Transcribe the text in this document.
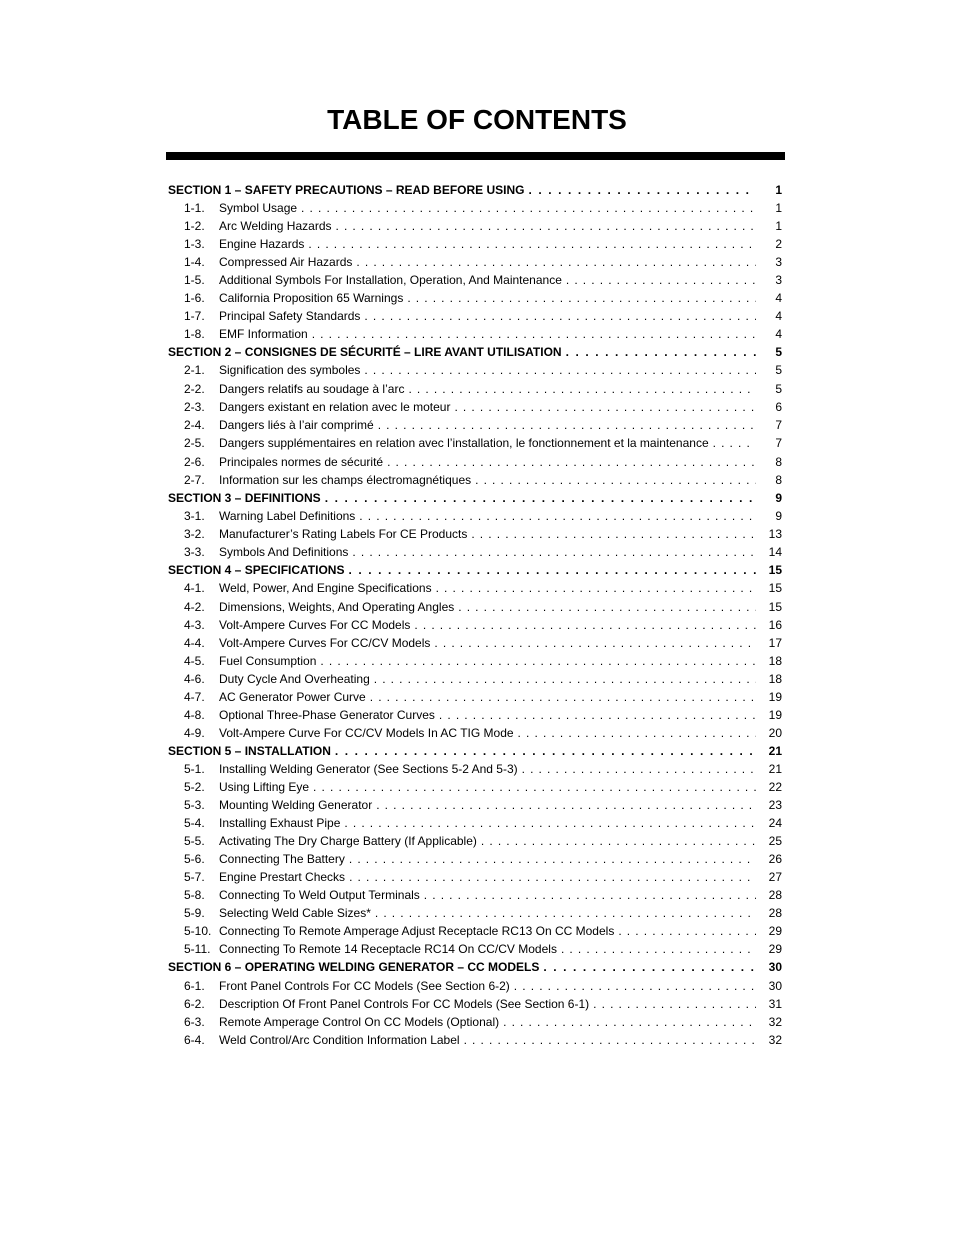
TABLE OF CONTENTS
SECTION 1 – SAFETY PRECAUTIONS – READ BEFORE USING . . .	1
1-1.	Symbol Usage . . .	1
1-2.	Arc Welding Hazards . . .	1
1-3.	Engine Hazards . . .	2
1-4.	Compressed Air Hazards . . .	3
1-5.	Additional Symbols For Installation, Operation, And Maintenance . . .	3
1-6.	California Proposition 65 Warnings . . .	4
1-7.	Principal Safety Standards . . .	4
1-8.	EMF Information . . .	4
SECTION 2 – CONSIGNES DE SÉCURITÉ – LIRE AVANT UTILISATION . . .	5
2-1.	Signification des symboles . . .	5
2-2.	Dangers relatifs au soudage à l’arc . . .	5
2-3.	Dangers existant en relation avec le moteur . . .	6
2-4.	Dangers liés à l’air comprimé . . .	7
2-5.	Dangers supplémentaires en relation avec l’installation, le fonctionnement et la maintenance . . .	7
2-6.	Principales normes de sécurité . . .	8
2-7.	Information sur les champs électromagnétiques . . .	8
SECTION 3 – DEFINITIONS . . .	9
3-1.	Warning Label Definitions . . .	9
3-2.	Manufacturer’s Rating Labels For CE Products . . .	13
3-3.	Symbols And Definitions . . .	14
SECTION 4 – SPECIFICATIONS . . .	15
4-1.	Weld, Power, And Engine Specifications . . .	15
4-2.	Dimensions, Weights, And Operating Angles . . .	15
4-3.	Volt-Ampere Curves For CC Models . . .	16
4-4.	Volt-Ampere Curves For CC/CV Models . . .	17
4-5.	Fuel Consumption . . .	18
4-6.	Duty Cycle And Overheating . . .	18
4-7.	AC Generator Power Curve . . .	19
4-8.	Optional Three-Phase Generator Curves . . .	19
4-9.	Volt-Ampere Curve For CC/CV Models In AC TIG Mode . . .	20
SECTION 5 – INSTALLATION . . .	21
5-1.	Installing Welding Generator (See Sections 5-2 And 5-3) . . .	21
5-2.	Using Lifting Eye . . .	22
5-3.	Mounting Welding Generator . . .	23
5-4.	Installing Exhaust Pipe . . .	24
5-5.	Activating The Dry Charge Battery (If Applicable) . . .	25
5-6.	Connecting The Battery . . .	26
5-7.	Engine Prestart Checks . . .	27
5-8.	Connecting To Weld Output Terminals . . .	28
5-9.	Selecting Weld Cable Sizes* . . .	28
5-10. Connecting To Remote Amperage Adjust Receptacle RC13 On CC Models . . .	29
5-11. Connecting To Remote 14 Receptacle RC14 On CC/CV Models . . .	29
SECTION 6 – OPERATING WELDING GENERATOR – CC MODELS . . .	30
6-1.	Front Panel Controls For CC Models (See Section 6-2) . . .	30
6-2.	Description Of Front Panel Controls For CC Models (See Section 6-1) . . .	31
6-3.	Remote Amperage Control On CC Models (Optional) . . .	32
6-4.	Weld Control/Arc Condition Information Label . . .	32
